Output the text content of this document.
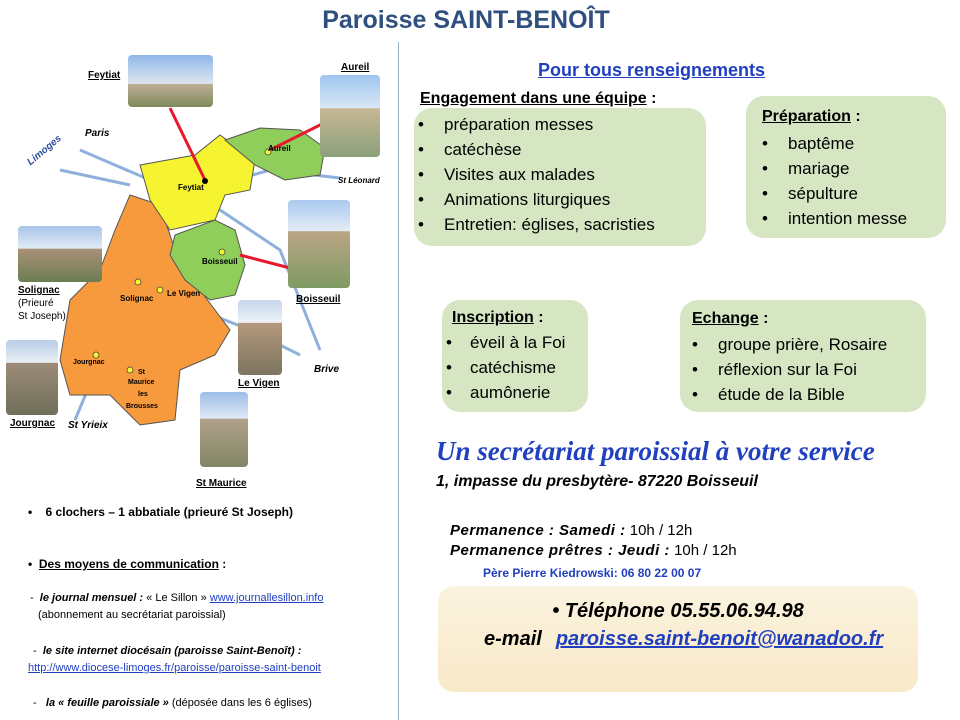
Paroisse SAINT-BENOÎT
Feytiat
Aureil
Boisseuil
Solignac
(Prieuré
St Joseph)
Jourgnac
Le Vigen
St Maurice
Limoges Paris
St Léonard
Brive
St Yrieix
Aureil
Feytiat
Boisseuil
Solignac
Le Vigen
Jourgnac
St
Maurice
les
Brousses
•    6 clochers – 1 abbatiale (prieuré St Joseph)
•  Des moyens de communication :
-  le journal mensuel : « Le Sillon » www.journallesillon.info
(abonnement au secrétariat paroissial)
-  le site internet diocésain (paroisse Saint-Benoît) :
http://www.diocese-limoges.fr/paroisse/paroisse-saint-benoit
-   la « feuille paroissiale » (déposée dans les 6 églises)
Pour tous renseignements
Engagement dans une équipe :
• préparation messes
• catéchèse
• Visites aux malades
• Animations liturgiques
• Entretien: églises, sacristies
Préparation :
• baptême
• mariage
• sépulture
• intention messe
Inscription :
• éveil à la Foi
• catéchisme
• aumônerie
Echange :
• groupe prière, Rosaire
• réflexion sur la Foi
• étude de la Bible
Un secrétariat paroissial à votre service
1, impasse du presbytère- 87220 Boisseuil
Permanence : Samedi : 10h / 12h
Permanence prêtres : Jeudi : 10h / 12h
Père Pierre Kiedrowski: 06 80 22 00 07
• Téléphone 05.55.06.94.98
e-mail paroisse.saint-benoit@wanadoo.fr
